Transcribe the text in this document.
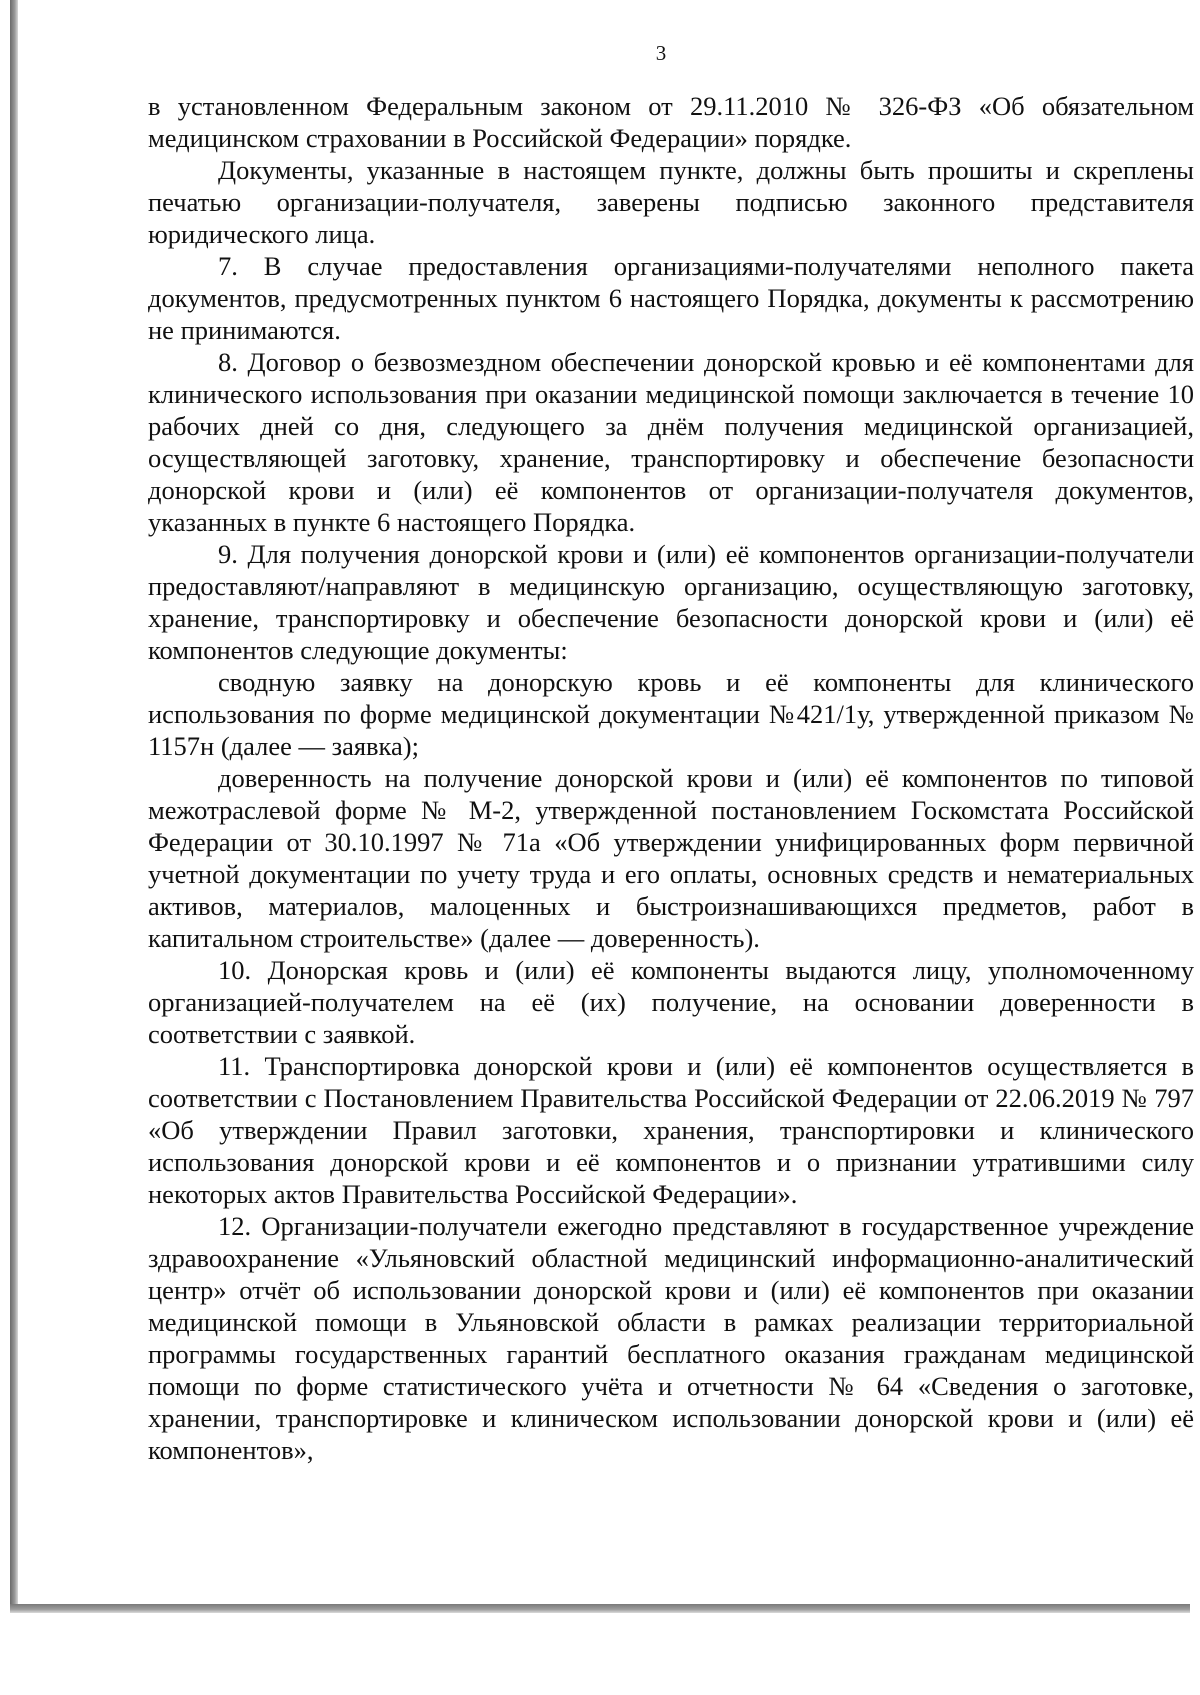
3

в установленном Федеральным законом от 29.11.2010 № 326-ФЗ «Об обязательном медицинском страховании в Российской Федерации» порядке.

Документы, указанные в настоящем пункте, должны быть прошиты и скреплены печатью организации-получателя, заверены подписью законного представителя юридического лица.

7. В случае предоставления организациями-получателями неполного пакета документов, предусмотренных пунктом 6 настоящего Порядка, документы к рассмотрению не принимаются.

8. Договор о безвозмездном обеспечении донорской кровью и её компонентами для клинического использования при оказании медицинской помощи заключается в течение 10 рабочих дней со дня, следующего за днём получения медицинской организацией, осуществляющей заготовку, хранение, транспортировку и обеспечение безопасности донорской крови и (или) её компонентов от организации-получателя документов, указанных в пункте 6 настоящего Порядка.

9. Для получения донорской крови и (или) её компонентов организации-получатели предоставляют/направляют в медицинскую организацию, осуществляющую заготовку, хранение, транспортировку и обеспечение безопасности донорской крови и (или) её компонентов следующие документы:

сводную заявку на донорскую кровь и её компоненты для клинического использования по форме медицинской документации №421/1у, утвержденной приказом № 1157н (далее — заявка);

доверенность на получение донорской крови и (или) её компонентов по типовой межотраслевой форме № М-2, утвержденной постановлением Госкомстата Российской Федерации от 30.10.1997 № 71а «Об утверждении унифицированных форм первичной учетной документации по учету труда и его оплаты, основных средств и нематериальных активов, материалов, малоценных и быстроизнашивающихся предметов, работ в капитальном строительстве» (далее — доверенность).

10. Донорская кровь и (или) её компоненты выдаются лицу, уполномоченному организацией-получателем на её (их) получение, на основании доверенности в соответствии с заявкой.

11. Транспортировка донорской крови и (или) её компонентов осуществляется в соответствии с Постановлением Правительства Российской Федерации от 22.06.2019 № 797 «Об утверждении Правил заготовки, хранения, транспортировки и клинического использования донорской крови и её компонентов и о признании утратившими силу некоторых актов Правительства Российской Федерации».

12. Организации-получатели ежегодно представляют в государственное учреждение здравоохранение «Ульяновский областной медицинский информационно-аналитический центр» отчёт об использовании донорской крови и (или) её компонентов при оказании медицинской помощи в Ульяновской области в рамках реализации территориальной программы государственных гарантий бесплатного оказания гражданам медицинской помощи по форме статистического учёта и отчетности № 64 «Сведения о заготовке, хранении, транспортировке и клиническом использовании донорской крови и (или) её компонентов»,
